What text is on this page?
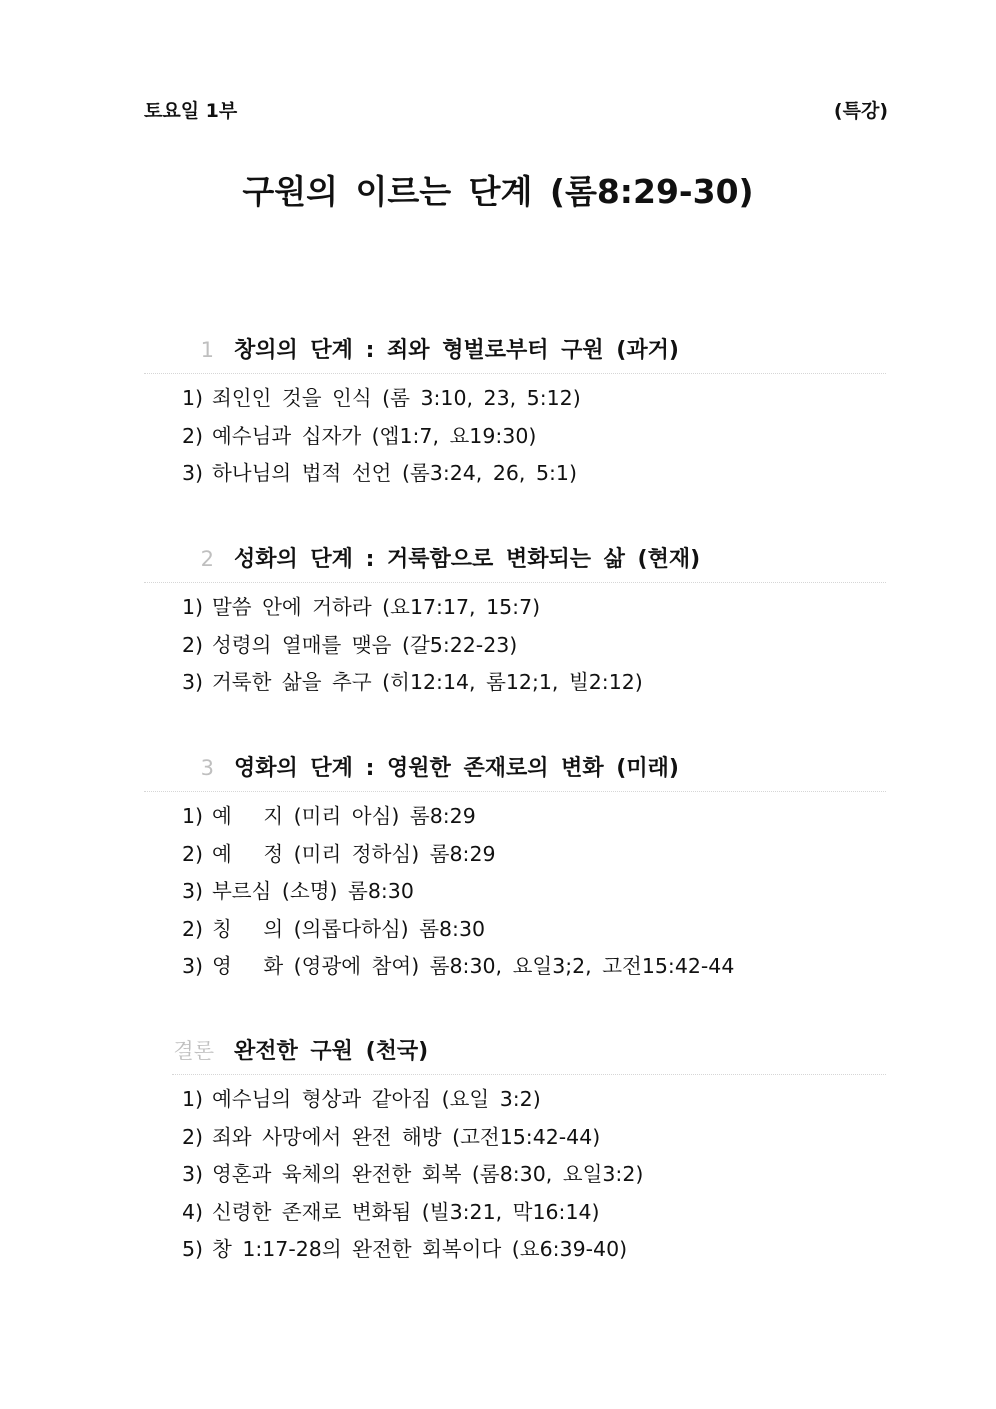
토요일 1부	(특강)
구원의 이르는 단계 (롬8:29-30)
1 창의의 단계 : 죄와 형벌로부터 구원 (과거)
1) 죄인인 것을 인식 (롬 3:10, 23, 5:12)
2) 예수님과 십자가 (엡1:7, 요19:30)
3) 하나님의 법적 선언 (롬3:24, 26, 5:1)
2 성화의 단계 : 거룩함으로 변화되는 삶 (현재)
1) 말씀 안에 거하라 (요17:17, 15:7)
2) 성령의 열매를 맺음 (갈5:22-23)
3) 거룩한 삶을 추구 (히12:14, 롬12;1, 빌2:12)
3 영화의 단계 : 영원한 존재로의 변화 (미래)
1) 예   지 (미리 아심) 롬8:29
2) 예   정 (미리 정하심) 롬8:29
3) 부르심 (소명) 롬8:30
2) 칭   의 (의롭다하심) 롬8:30
3) 영   화 (영광에 참여) 롬8:30, 요일3;2, 고전15:42-44
결론 완전한 구원 (천국)
1) 예수님의 형상과 같아짐 (요일 3:2)
2) 죄와 사망에서 완전 해방 (고전15:42-44)
3) 영혼과 육체의 완전한 회복 (롬8:30, 요일3:2)
4) 신령한 존재로 변화됨 (빌3:21, 막16:14)
5) 창 1:17-28의 완전한 회복이다 (요6:39-40)
